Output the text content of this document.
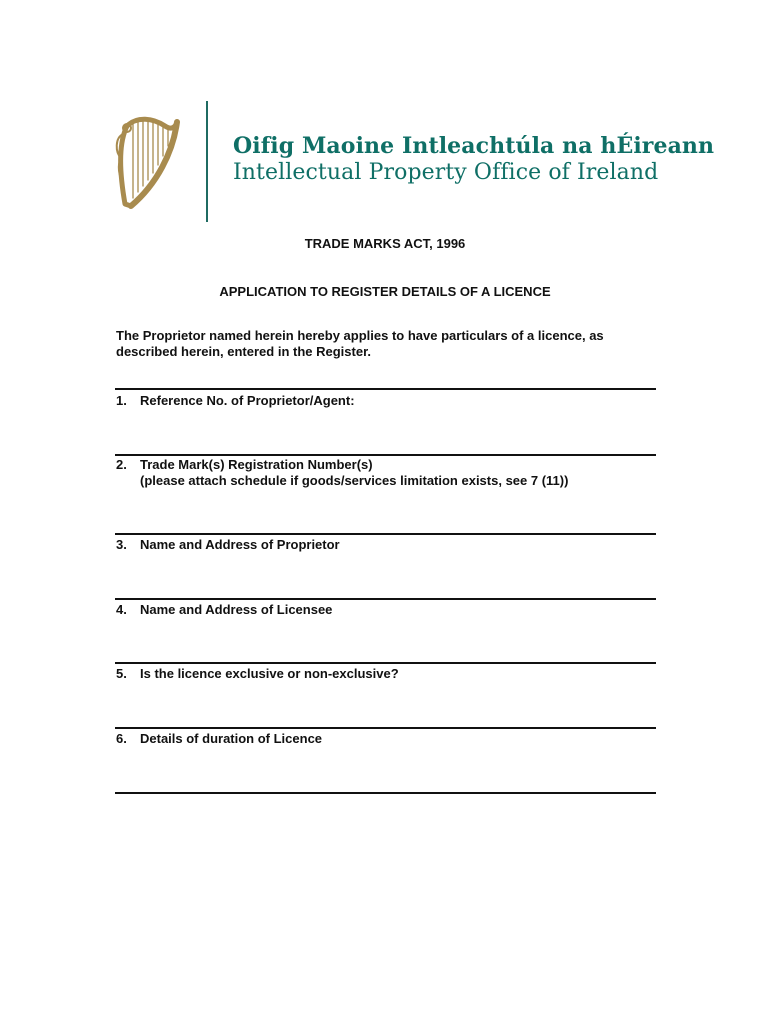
Oifig Maoine Intleachtúla na hÉireann
Intellectual Property Office of Ireland
TRADE MARKS ACT, 1996
APPLICATION TO REGISTER DETAILS OF A LICENCE
The Proprietor named herein hereby applies to have particulars of a licence, as
described herein, entered in the Register.
1. Reference No. of Proprietor/Agent:
2. Trade Mark(s) Registration Number(s)
(please attach schedule if goods/services limitation exists, see 7 (11))
3. Name and Address of Proprietor
4. Name and Address of Licensee
5. Is the licence exclusive or non-exclusive?
6. Details of duration of Licence
